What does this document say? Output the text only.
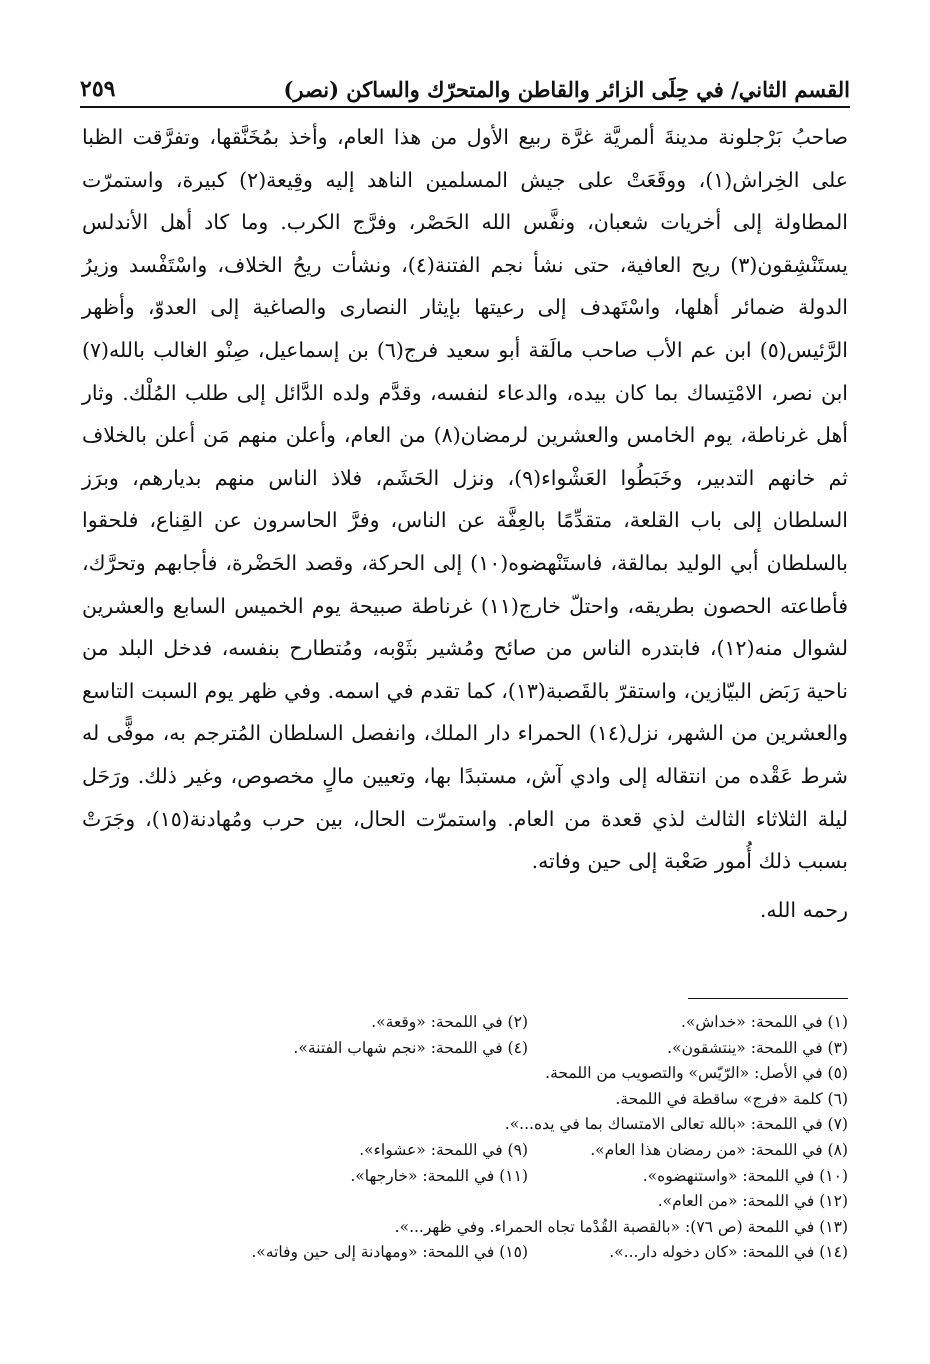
القسم الثاني/ في حِلَى الزائر والقاطن والمتحرّك والساكن (نصر)
٢٥٩

صاحبُ بَرْجلونة مدينةَ ألمريَّة غرَّة ربيع الأول من هذا العام، وأخذ بمُخَنَّقها، وتفرَّقت الظبا على الخِراش(١)، ووقَعَتْ على جيش المسلمين الناهد إليه وقِيعة(٢) كبيرة، واستمرّت المطاولة إلى أخريات شعبان، ونفَّس الله الحَصْر، وفرَّج الكرب. وما كاد أهل الأندلس يستَنْشِقون(٣) ريح العافية، حتى نشأ نجم الفتنة(٤)، ونشأت ريحُ الخلاف، واسْتَفْسد وزيرُ الدولة ضمائر أهلها، واسْتَهدف إلى رعيتها بإيثار النصارى والصاغية إلى العدوّ، وأظهر الرَّئيس(٥) ابن عم الأب صاحب مالَقة أبو سعيد فرج(٦) بن إسماعيل، صِنْو الغالب بالله(٧) ابن نصر، الامْتِساك بما كان بيده، والدعاء لنفسه، وقدَّم ولده الدَّائل إلى طلب المُلْك. وثار أهل غرناطة، يوم الخامس والعشرين لرمضان(٨) من العام، وأعلن منهم مَن أعلن بالخلاف ثم خانهم التدبير، وخَبَطُوا العَشْواء(٩)، ونزل الحَشَم، فلاذ الناس منهم بديارهم، وبرَز السلطان إلى باب القلعة، متقدِّمًا بالعِفَّة عن الناس، وفرَّ الحاسرون عن القِناع، فلحقوا بالسلطان أبي الوليد بمالقة، فاستَنْهضوه(١٠) إلى الحركة، وقصد الحَضْرة، فأجابهم وتحرَّك، فأطاعته الحصون بطريقه، واحتلّ خارج(١١) غرناطة صبيحة يوم الخميس السابع والعشرين لشوال منه(١٢)، فابتدره الناس من صائح ومُشير بثَوْبه، ومُتطارح بنفسه، فدخل البلد من ناحية رَبَض البيّازين، واستقرّ بالقَصبة(١٣)، كما تقدم في اسمه. وفي ظهر يوم السبت التاسع والعشرين من الشهر، نزل(١٤) الحمراء دار الملك، وانفصل السلطان المُترجم به، موفًّى له شرط عَقْده من انتقاله إلى وادي آش، مستبدًا بها، وتعيين مالٍ مخصوص، وغير ذلك. ورَحَل ليلة الثلاثاء الثالث لذي قعدة من العام. واستمرّت الحال، بين حرب ومُهادنة(١٥)، وجَرَتْ بسبب ذلك أُمور صَعْبة إلى حين وفاته.

رحمه الله.

(١) في اللمحة: «خداش».
(٢) في اللمحة: «وقعة».
(٣) في اللمحة: «ينتشقون».
(٤) في اللمحة: «نجم شهاب الفتنة».
(٥) في الأصل: «الرّيّس» والتصويب من اللمحة.
(٦) كلمة «فرج» ساقطة في اللمحة.
(٧) في اللمحة: «بالله تعالى الامتساك بما في يده...».
(٨) في اللمحة: «من رمضان هذا العام».
(٩) في اللمحة: «عشواء».
(١٠) في اللمحة: «واستنهضوه».
(١١) في اللمحة: «خارجها».
(١٢) في اللمحة: «من العام».
(١٣) في اللمحة (ص ٧٦): «بالقصبة القُدْما تجاه الحمراء. وفي ظهر...».
(١٤) في اللمحة: «كان دخوله دار...».
(١٥) في اللمحة: «ومهادنة إلى حين وفاته».
